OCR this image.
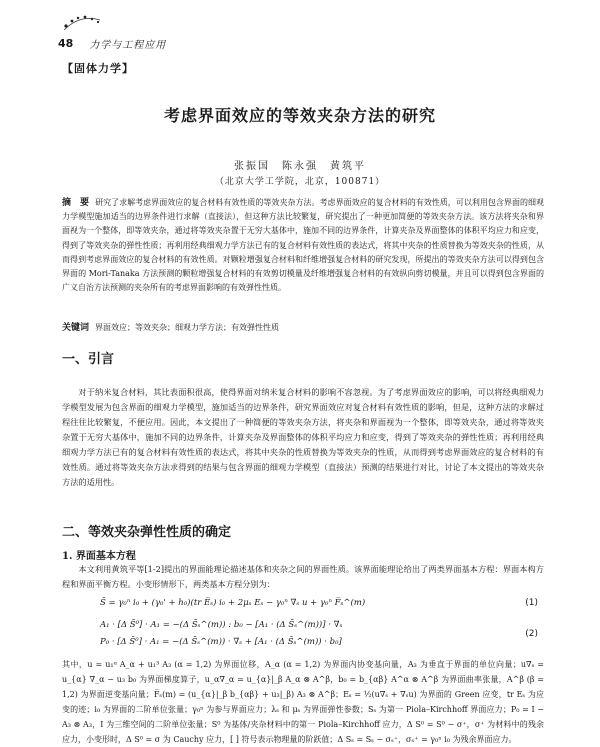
48 力学与工程应用
【固体力学】
考虑界面效应的等效夹杂方法的研究
张振国　陈永强　黄筑平
（北京大学工学院，北京，100871）
摘　要 研究了求解考虑界面效应的复合材料有效性质的等效夹杂方法。考虑界面效应的复合材料的有效性质，可以利用包含界面的细观力学模型施加适当的边界条件进行求解（直接法），但这种方法比较繁复，研究提出了一种更加简便的等效夹杂方法。该方法将夹杂和界面视为一个整体，即等效夹杂，通过将等效夹杂置于无穷大基体中，施加不同的边界条件，计算夹杂及界面整体的体积平均应力和应变，得到了等效夹杂的弹性性质；再利用经典细观力学方法已有的复合材料有效性质的表达式，将其中夹杂的性质替换为等效夹杂的性质，从而得到考虑界面效应的复合材料的有效性质。对颗粒增强复合材料和纤维增强复合材料的研究发现，所提出的等效夹杂方法可以得到包含界面的 Mori-Tanaka 方法预测的颗粒增强复合材料的有效剪切模量及纤维增强复合材料的有效纵向剪切模量，并且可以得到包含界面的广义自治方法预测的夹杂所有的考虑界面影响的有效弹性性质。
关键词 界面效应；等效夹杂；细观力学方法；有效弹性性质
一、引言
对于纳米复合材料，其比表面积很高，使得界面对纳米复合材料的影响不容忽视。为了考虑界面效应的影响，可以将经典细观力学模型发展为包含界面的细观力学模型，施加适当的边界条件，研究界面效应对复合材料有效性质的影响，但是，这种方法的求解过程往往比较繁复，不便应用。因此，本文提出了一种简便的等效夹杂方法，将夹杂和界面视为一个整体，即等效夹杂，通过将等效夹杂置于无穷大基体中，施加不同的边界条件，计算夹杂及界面整体的体积平均应力和应变，得到了等效夹杂的弹性性质；再利用经典细观力学方法已有的复合材料有效性质的表达式，将其中夹杂的性质替换为等效夹杂的性质，从而得到考虑界面效应的复合材料的有效性质。通过将等效夹杂方法求得到的结果与包含界面的细观力学模型（直接法）预测的结果进行对比，讨论了本文提出的等效夹杂方法的适用性。
二、等效夹杂弹性性质的确定
1. 界面基本方程
本文利用黄筑平等[1-2]提出的界面能理论描述基体和夹杂之间的界面性质。该界面能理论给出了两类界面基本方程：界面本构方程和界面平衡方程。小变形情形下，两类基本方程分别为：
S̄ = γ₀ⁿ i₀ + (γ₀' + h₀)(tr E̅ₛ) i₀ + 2μₛ Eₛ − γ₀ⁿ ∇ₛ u + γ₀ⁿ F̅ₛ^(m)	(1)
A₁ · [Δ S̄⁰] · A₁ = −(Δ S̄ₛ^(m)) : b₀ − [A₁ · (Δ S̄ₛ^(m))] · ∇ₛ
P₀ · [Δ S̄⁰] · A₁ = −(Δ S̄ₛ^(m)) · ∇ₛ + [A₁ · (Δ S̄ₛ^(m)) · b₀]
(2)
其中，u = u₁ᵅ A_α + u₁³ A₃ (α = 1,2) 为界面位移，A_α (α = 1,2) 为界面内协变基向量，A₃ 为垂直于界面的单位向量；u∇ₛ = u_{α} ∇_α − u₃ b₀ 为界面梯度算子，u_α∇_α = u_{α}|_β A_α ⊗ A^β，b₀ = b_{αβ} A^α ⊗ A^β 为界面曲率张量，A^β (β = 1,2) 为界面逆变基向量；F̅ₛ(m) = (u_{α}|_β b_{αβ} + u₃|_β) A₃ ⊗ A^β；Eₛ = ½(u∇ₛ + ∇ₛu) 为界面的 Green 应变，tr Eₛ 为应变的迹；i₀ 为界面的二阶单位张量；γ₀ⁿ 为参与界面应力；λₛ 和 μₛ 为界面弹性参数；Sₛ 为第一 Piola–Kirchhoff 界面应力；P₀ = I − A₃ ⊗ A₃，I 为三维空间的二阶单位张量；S⁰ 为基体/夹杂材料中的第一 Piola–Kirchhoff 应力，Δ S⁰ = S⁰ − σ⁺，σ⁺ 为材料中的残余应力，小变形时，Δ S⁰ = σ 为 Cauchy 应力，[ ] 符号表示物理量的阶跃值；Δ Sₛ = Sₛ − σₛ⁺，σₛ⁺ = γ₀ⁿ i₀ 为残余界面应力。
